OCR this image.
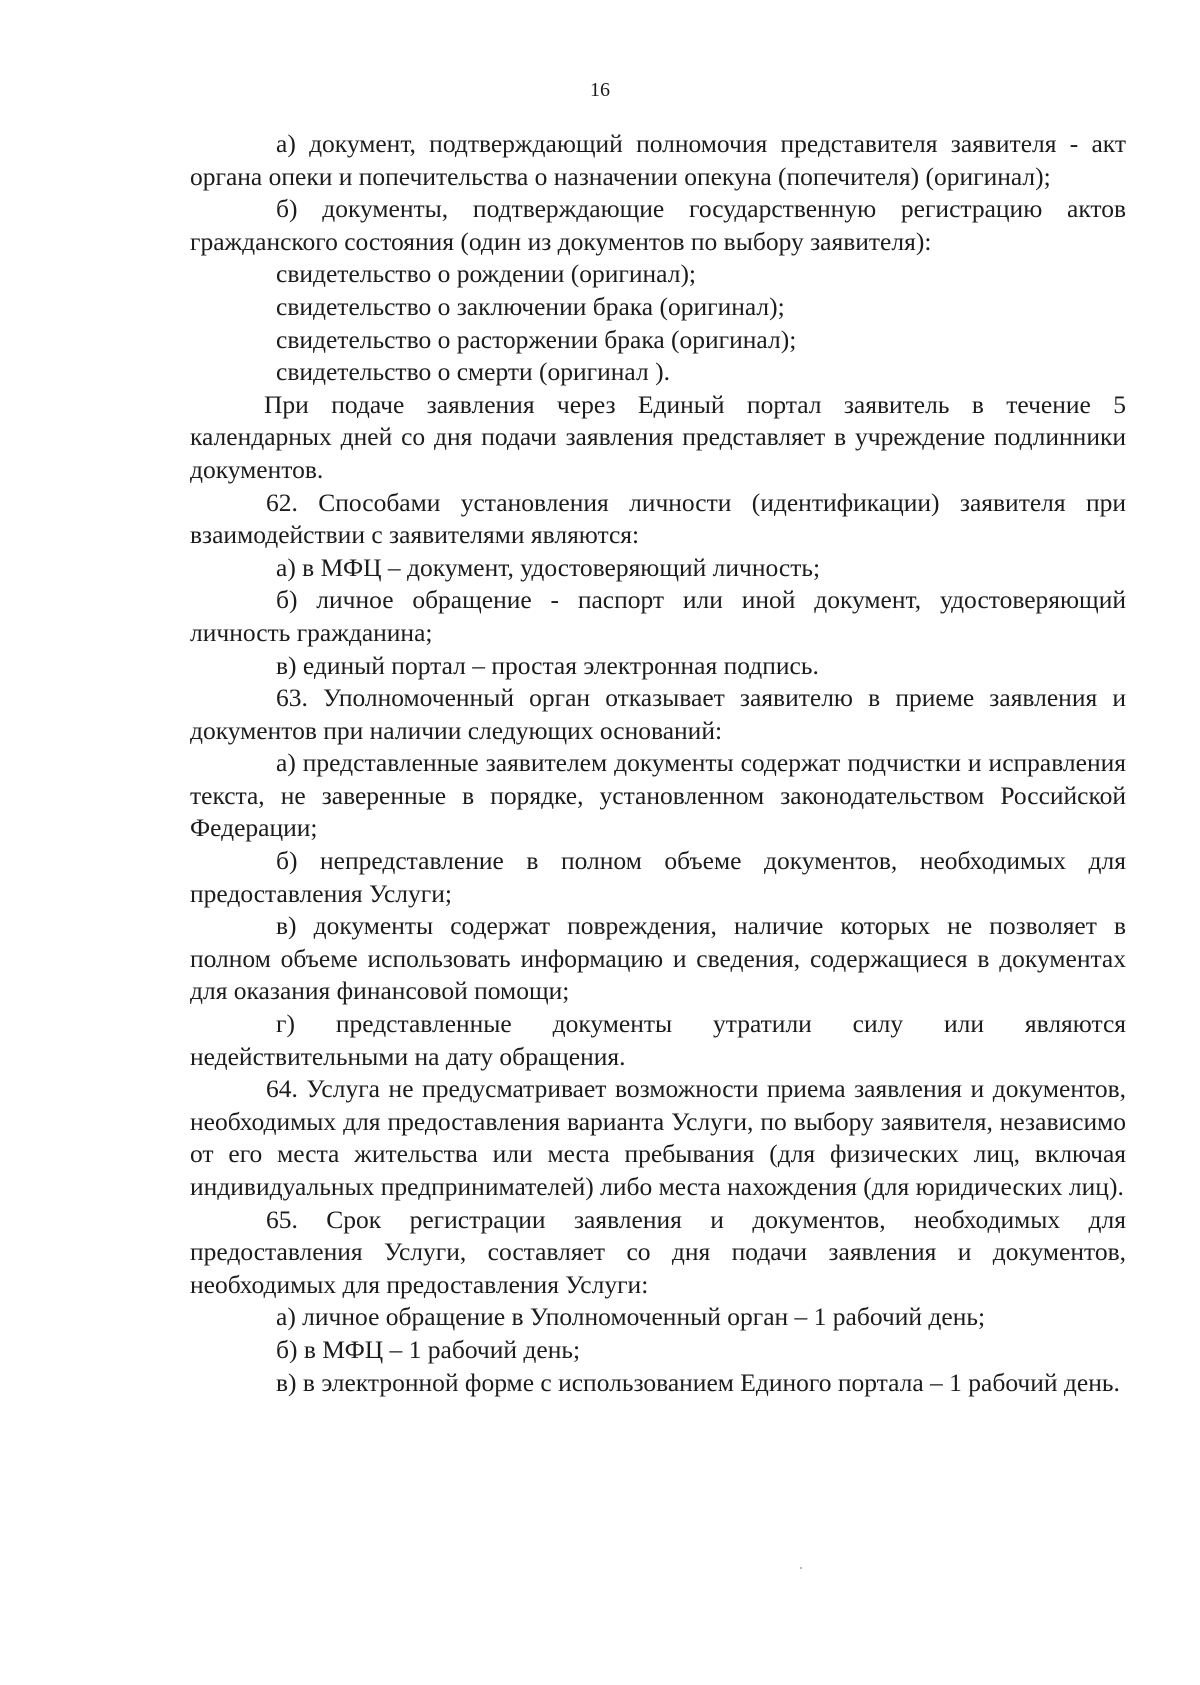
16

а) документ, подтверждающий полномочия представителя заявителя - акт органа опеки и попечительства о назначении опекуна (попечителя) (оригинал);

б) документы, подтверждающие государственную регистрацию актов гражданского состояния (один из документов по выбору заявителя):

свидетельство о рождении (оригинал);

свидетельство о заключении брака (оригинал);

свидетельство о расторжении брака (оригинал);

свидетельство о смерти (оригинал ).

При подаче заявления через Единый портал заявитель в течение 5 календарных дней со дня подачи заявления представляет в учреждение подлинники документов.

62. Способами установления личности (идентификации) заявителя при взаимодействии с заявителями являются:

а) в МФЦ – документ, удостоверяющий личность;

б) личное обращение - паспорт или иной документ, удостоверяющий личность гражданина;

в) единый портал – простая электронная подпись.

63. Уполномоченный орган отказывает заявителю в приеме заявления и документов при наличии следующих оснований:

а) представленные заявителем документы содержат подчистки и исправления текста, не заверенные в порядке, установленном законодательством Российской Федерации;

б) непредставление в полном объеме документов, необходимых для предоставления Услуги;

в) документы содержат повреждения, наличие которых не позволяет в полном объеме использовать информацию и сведения, содержащиеся в документах для оказания финансовой помощи;

г) представленные документы утратили силу или являются недействительными на дату обращения.

64. Услуга не предусматривает возможности приема заявления и документов, необходимых для предоставления варианта Услуги, по выбору заявителя, независимо от его места жительства или места пребывания (для физических лиц, включая индивидуальных предпринимателей) либо места нахождения (для юридических лиц).

65. Срок регистрации заявления и документов, необходимых для предоставления Услуги, составляет со дня подачи заявления и документов, необходимых для предоставления Услуги:

а) личное обращение в Уполномоченный орган – 1 рабочий день;

б) в МФЦ – 1 рабочий день;

в) в электронной форме с использованием Единого портала – 1 рабочий день.
